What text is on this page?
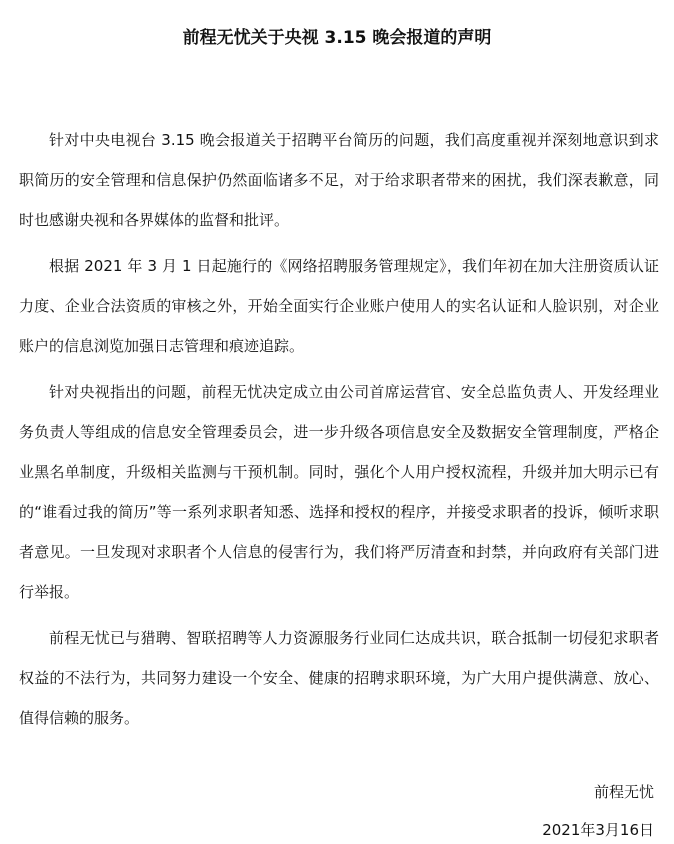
前程无忧关于央视 3.15 晚会报道的声明

针对中央电视台 3.15 晚会报道关于招聘平台简历的问题，我们高度重视并深刻地意识到求职简历的安全管理和信息保护仍然面临诸多不足，对于给求职者带来的困扰，我们深表歉意，同时也感谢央视和各界媒体的监督和批评。

根据 2021 年 3 月 1 日起施行的《网络招聘服务管理规定》，我们年初在加大注册资质认证力度、企业合法资质的审核之外，开始全面实行企业账户使用人的实名认证和人脸识别，对企业账户的信息浏览加强日志管理和痕迹追踪。

针对央视指出的问题，前程无忧决定成立由公司首席运营官、安全总监负责人、开发经理业务负责人等组成的信息安全管理委员会，进一步升级各项信息安全及数据安全管理制度，严格企业黑名单制度，升级相关监测与干预机制。同时，强化个人用户授权流程，升级并加大明示已有的“谁看过我的简历”等一系列求职者知悉、选择和授权的程序，并接受求职者的投诉，倾听求职者意见。一旦发现对求职者个人信息的侵害行为，我们将严厉清查和封禁，并向政府有关部门进行举报。

前程无忧已与猎聘、智联招聘等人力资源服务行业同仁达成共识，联合抵制一切侵犯求职者权益的不法行为，共同努力建设一个安全、健康的招聘求职环境，为广大用户提供满意、放心、值得信赖的服务。

前程无忧
2021年3月16日
